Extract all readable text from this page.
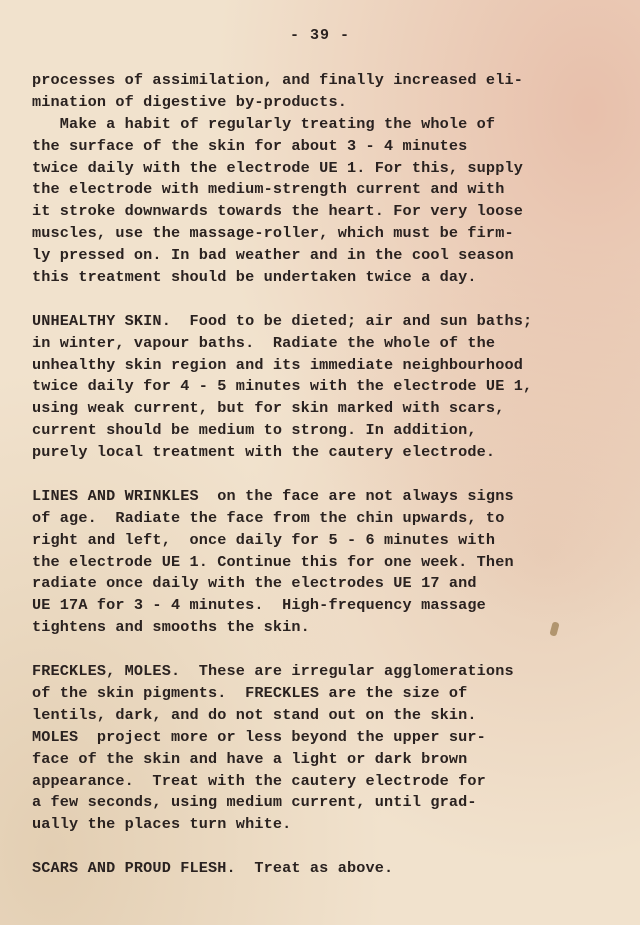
- 39 -
processes of assimilation, and finally increased eli-
mination of digestive by-products.
Make a habit of regularly treating the whole of
the surface of the skin for about 3 - 4 minutes
twice daily with the electrode UE 1. For this, supply
the electrode with medium-strength current and with
it stroke downwards towards the heart. For very loose
muscles, use the massage-roller, which must be firm-
ly pressed on. In bad weather and in the cool season
this treatment should be undertaken twice a day.
UNHEALTHY SKIN.  Food to be dieted; air and sun baths;
in winter, vapour baths.  Radiate the whole of the
unhealthy skin region and its immediate neighbourhood
twice daily for 4 - 5 minutes with the electrode UE 1,
using weak current, but for skin marked with scars,
current should be medium to strong. In addition,
purely local treatment with the cautery electrode.
LINES AND WRINKLES  on the face are not always signs
of age.  Radiate the face from the chin upwards, to
right and left,  once daily for 5 - 6 minutes with
the electrode UE 1. Continue this for one week. Then
radiate once daily with the electrodes UE 17 and
UE 17A for 3 - 4 minutes.  High-frequency massage
tightens and smooths the skin.
FRECKLES, MOLES.  These are irregular agglomerations
of the skin pigments.  FRECKLES are the size of
lentils, dark, and do not stand out on the skin.
MOLES  project more or less beyond the upper sur-
face of the skin and have a light or dark brown
appearance.  Treat with the cautery electrode for
a few seconds, using medium current, until grad-
ually the places turn white.
SCARS AND PROUD FLESH.  Treat as above.
